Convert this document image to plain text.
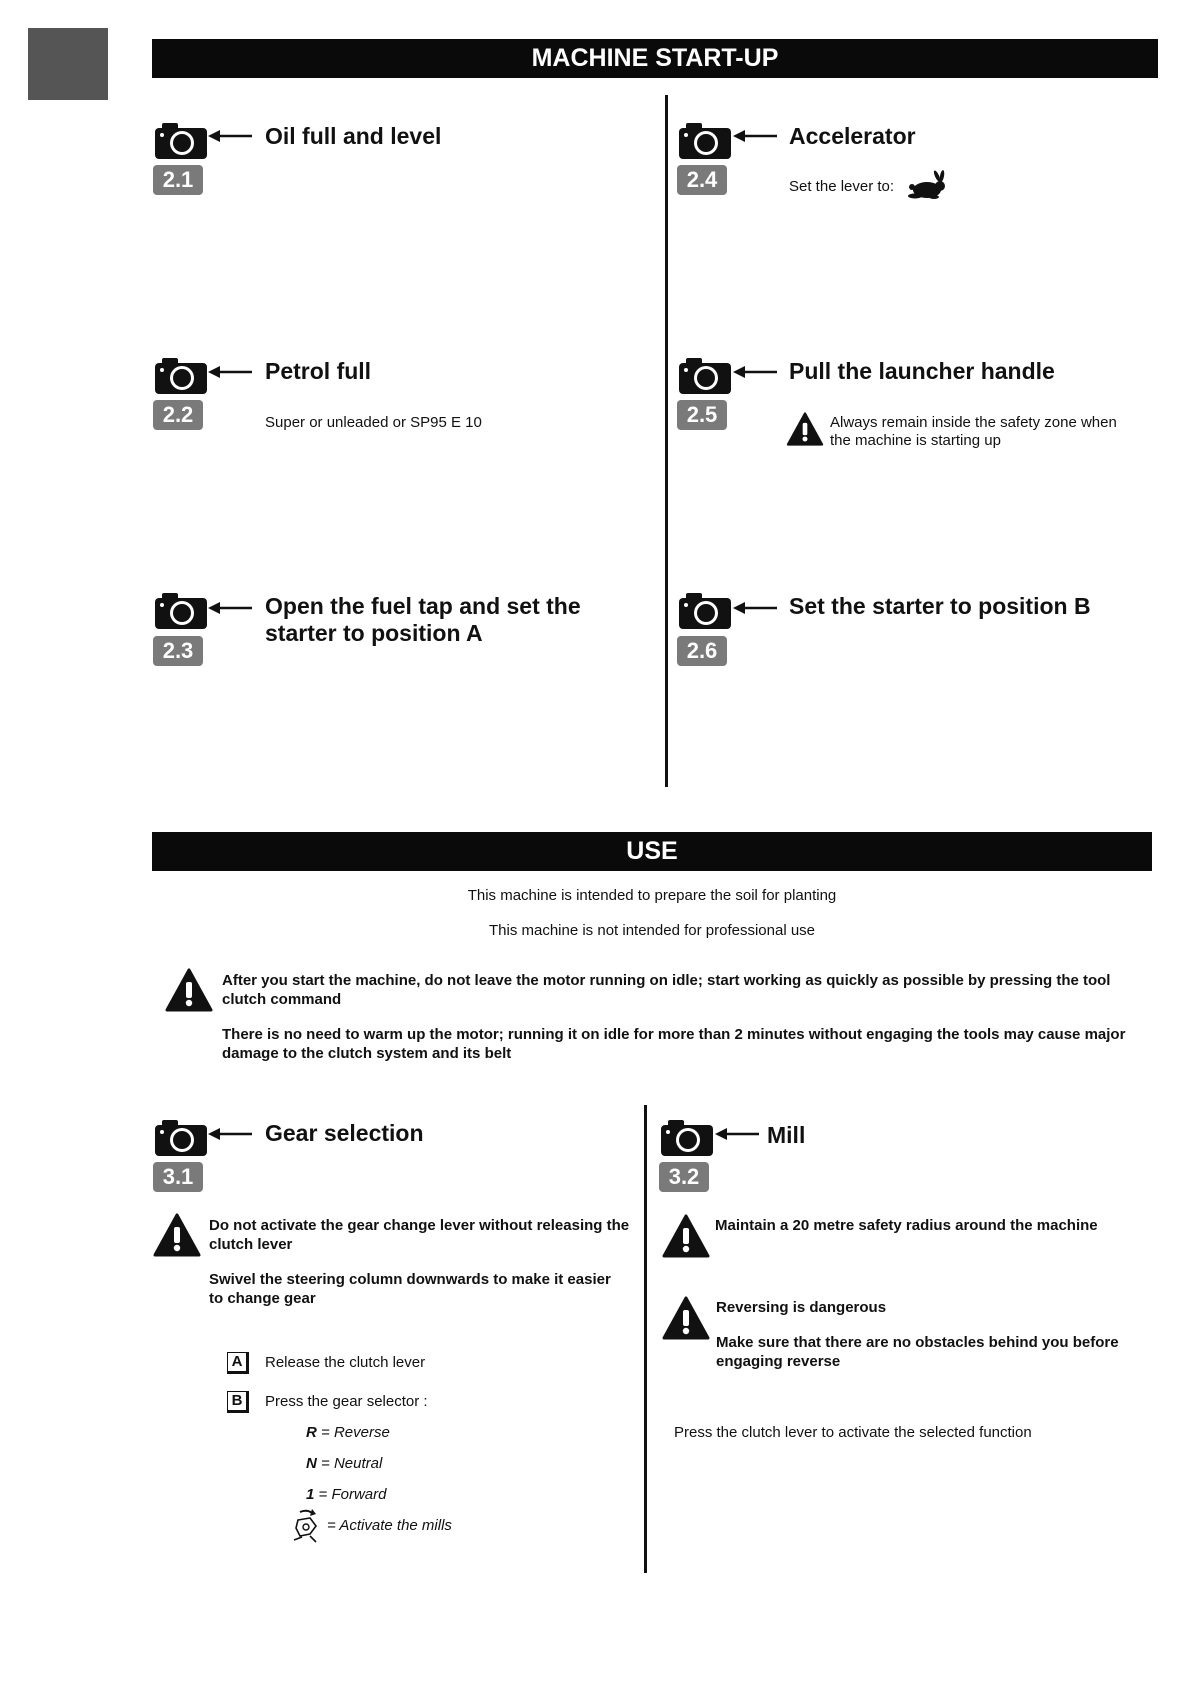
MACHINE START-UP
2.1
Oil full and level
2.2
Petrol full
Super or unleaded or SP95 E 10
2.3
Open the fuel tap and set the
starter to position A
2.4
Accelerator
Set the lever to:
2.5
Pull the launcher handle
Always remain inside the safety zone when
the machine is starting up
2.6
Set the starter to position B
USE
This machine is intended to prepare the soil for planting
This machine is not intended for professional use
After you start the machine, do not leave the motor running on idle; start working as quickly as possible by pressing the tool
clutch command
There is no need to warm up the motor; running it on idle for more than 2 minutes without engaging the tools may cause major
damage to the clutch system and its belt
3.1
Gear selection
Do not activate the gear change lever without releasing the
clutch lever
Swivel the steering column downwards to make it easier
to change gear
A	Release the clutch lever
B	Press the gear selector :
R = Reverse
N = Neutral
1 = Forward
= Activate the mills
3.2
Mill
Maintain a 20 metre safety radius around the machine
Reversing is dangerous
Make sure that there are no obstacles behind you before
engaging reverse
Press the clutch lever to activate the selected function
